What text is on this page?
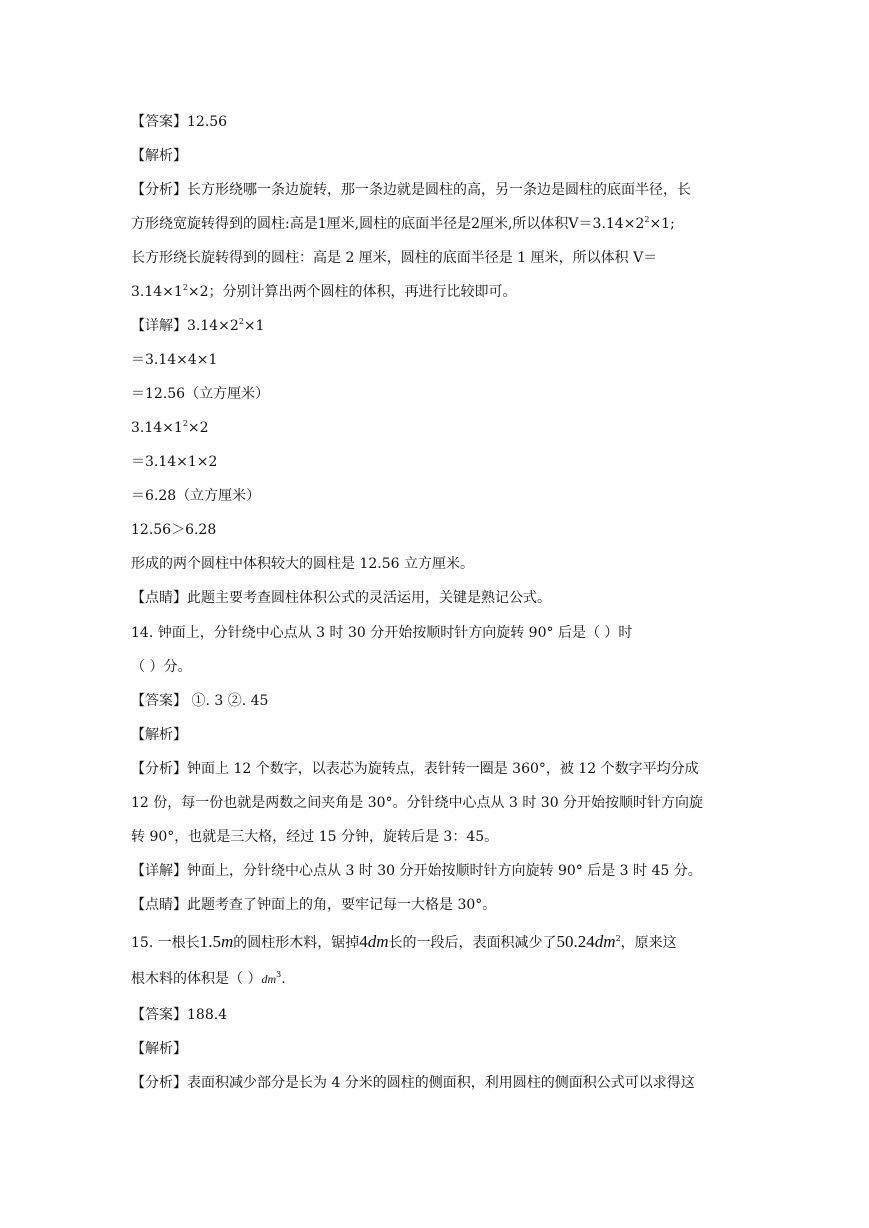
【答案】12.56
【解析】
【分析】长方形绕哪一条边旋转，那一条边就是圆柱的高，另一条边是圆柱的底面半径，长
方形绕宽旋转得到的圆柱:高是1厘米,圆柱的底面半径是2厘米,所以体积$V=3.14\times 2^2\times 1$;
长方形绕长旋转得到的圆柱：高是 2 厘米，圆柱的底面半径是 1 厘米，所以体积 V＝
$3.14\times 1^2\times 2$；分别计算出两个圆柱的体积，再进行比较即可。
【详解】$3.14\times 2^2\times 1$
＝3.14×4×1
＝12.56（立方厘米）
$3.14\times 1^2\times 2$
＝3.14×1×2
＝6.28（立方厘米）
12.56＞6.28
形成的两个圆柱中体积较大的圆柱是 12.56 立方厘米。
【点睛】此题主要考查圆柱体积公式的灵活运用，关键是熟记公式。
14. 钟面上，分针绕中心点从 3 时 30 分开始按顺时针方向旋转 90° 后是（ ）时
（ ）分。
【答案】 ①. 3 ②. 45
【解析】
【分析】钟面上 12 个数字，以表芯为旋转点，表针转一圈是 360°，被 12 个数字平均分成
12 份，每一份也就是两数之间夹角是 30°。分针绕中心点从 3 时 30 分开始按顺时针方向旋
转 90°，也就是三大格，经过 15 分钟，旋转后是 3：45。
【详解】钟面上，分针绕中心点从 3 时 30 分开始按顺时针方向旋转 90° 后是 3 时 45 分。
【点睛】此题考查了钟面上的角，要牢记每一大格是 30°。
15. 一根长1.5m的圆柱形木料，锯掉4dm长的一段后，表面积减少了$50.24dm^2$，原来这
根木料的体积是（ ）$dm^3$.
【答案】188.4
【解析】
【分析】表面积减少部分是长为 4 分米的圆柱的侧面积，利用圆柱的侧面积公式可以求得这
